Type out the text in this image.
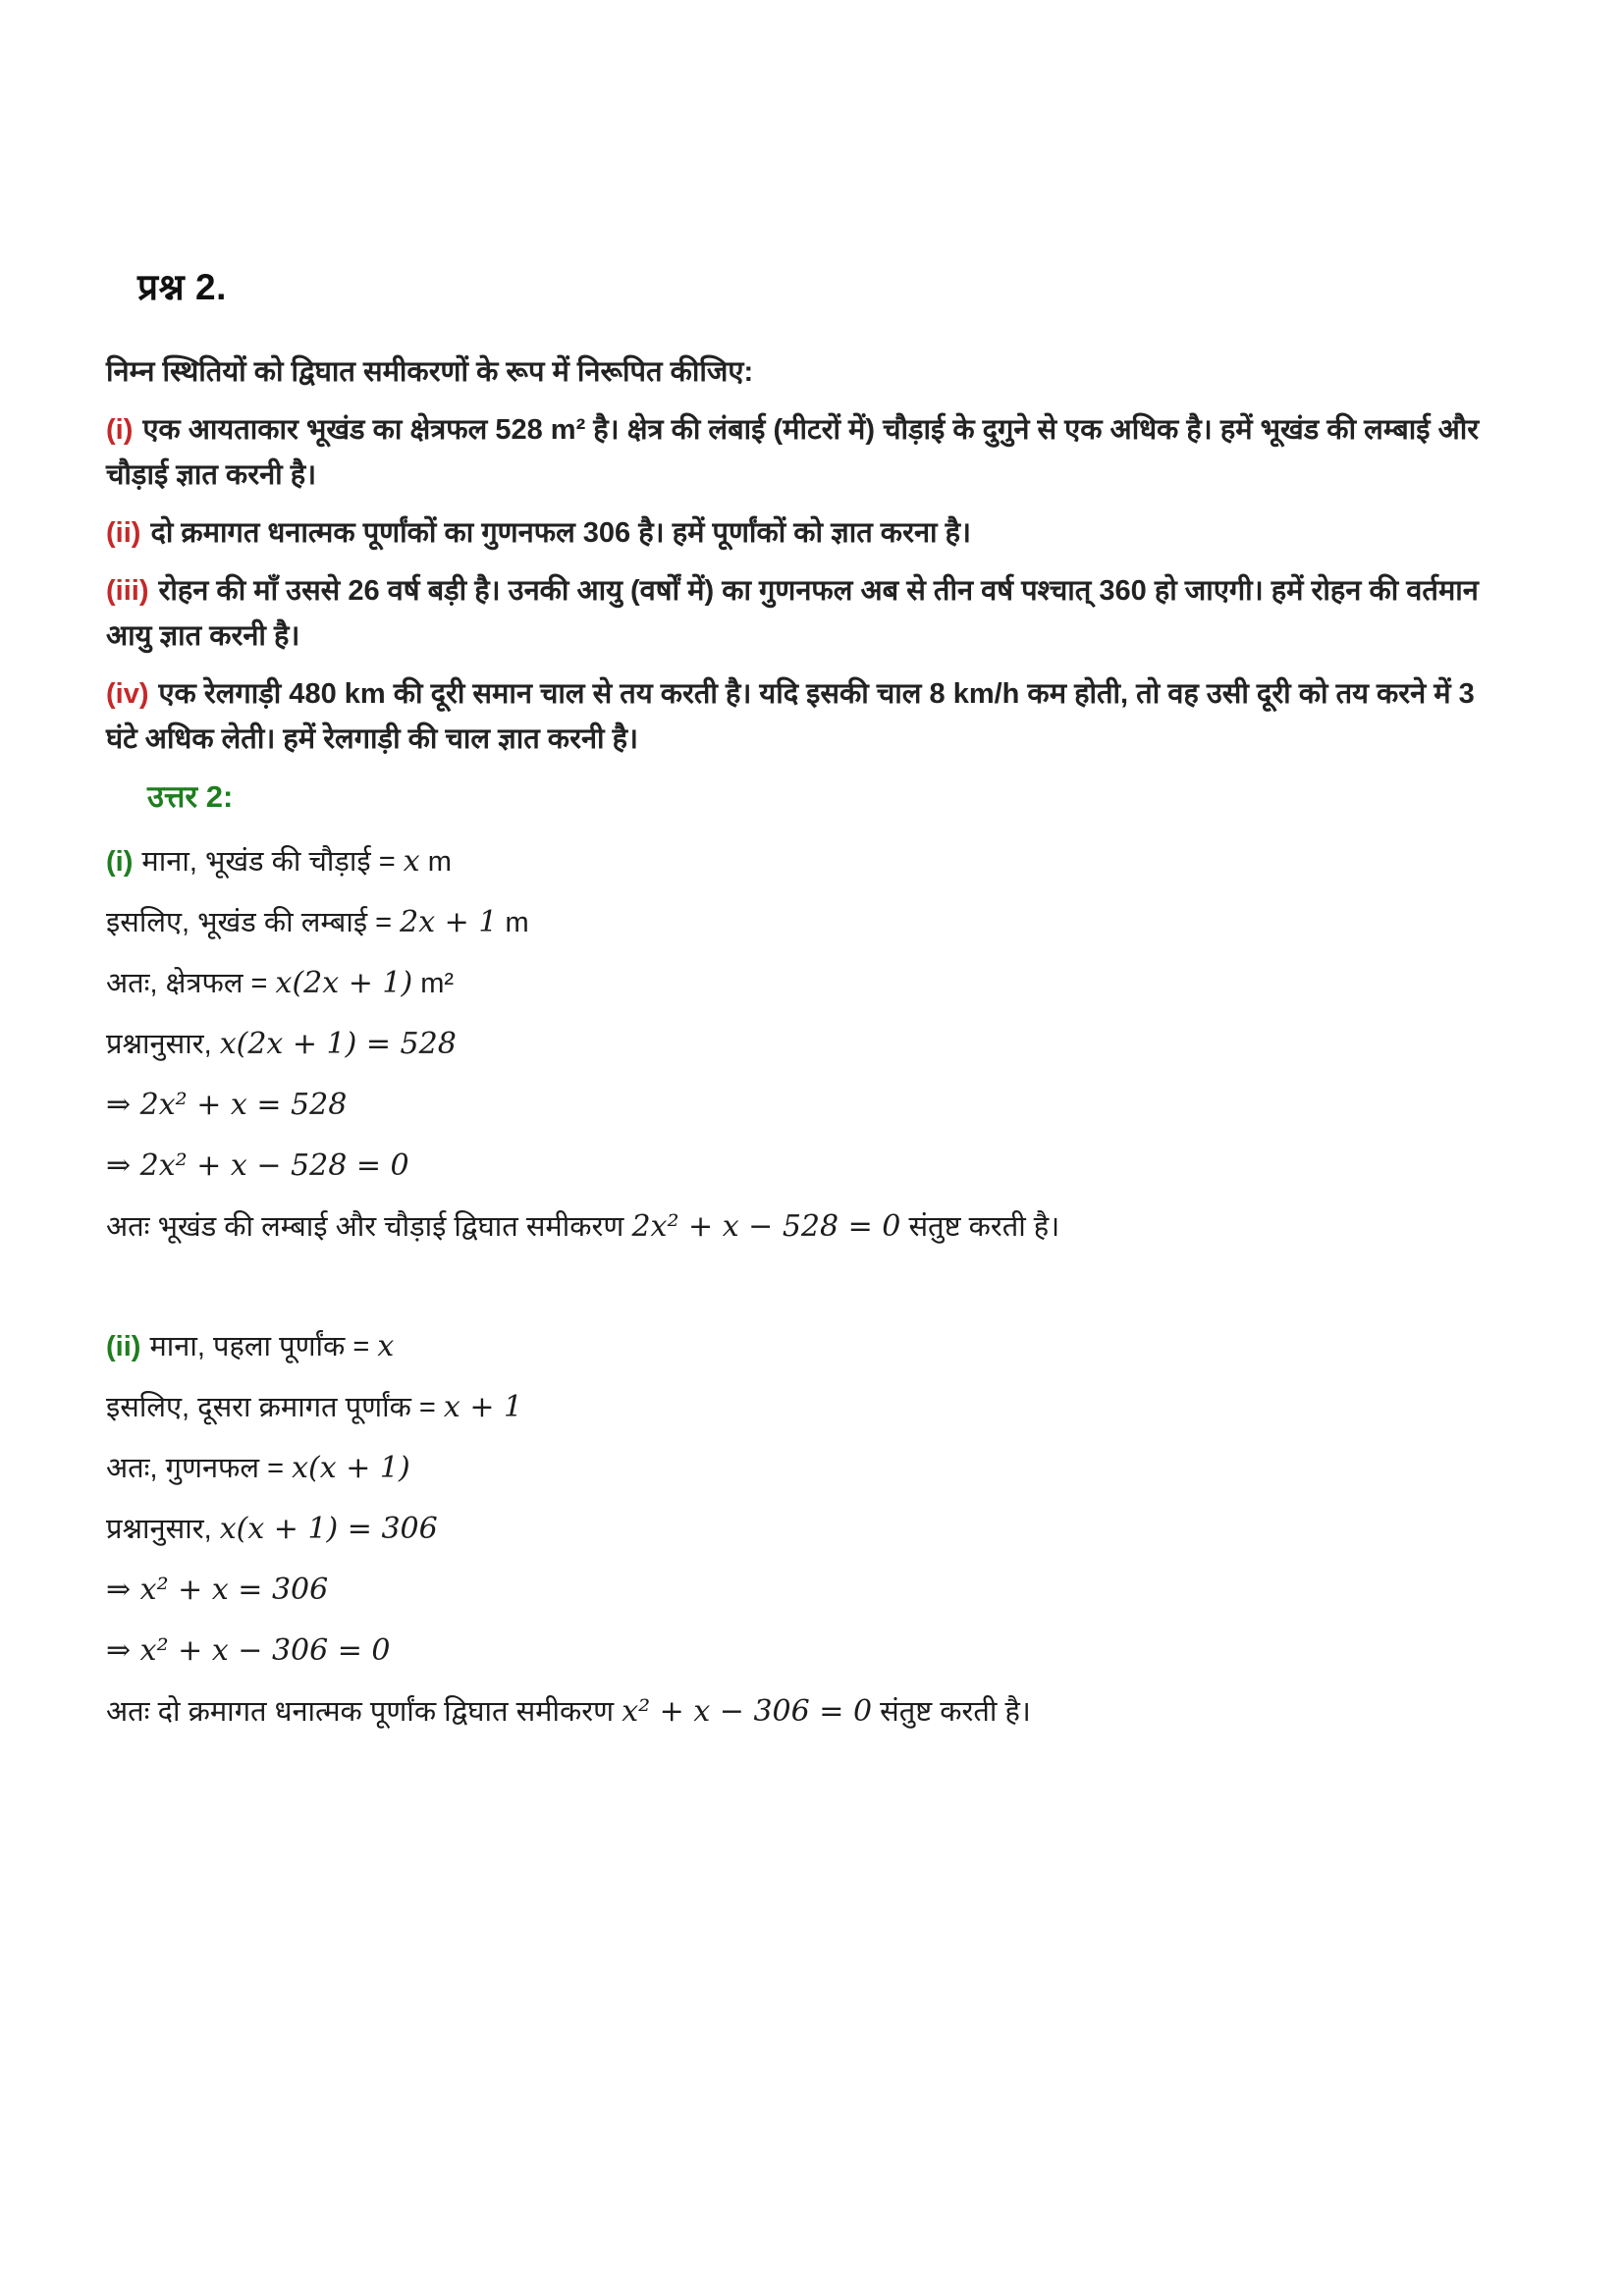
प्रश्न 2.
निम्न स्थितियों को द्विघात समीकरणों के रूप में निरूपित कीजिए:
(i) एक आयताकार भूखंड का क्षेत्रफल 528 m² है। क्षेत्र की लंबाई (मीटरों में) चौड़ाई के दुगुने से एक अधिक है। हमें भूखंड की लम्बाई और चौड़ाई ज्ञात करनी है।
(ii) दो क्रमागत धनात्मक पूर्णांकों का गुणनफल 306 है। हमें पूर्णांकों को ज्ञात करना है।
(iii) रोहन की माँ उससे 26 वर्ष बड़ी है। उनकी आयु (वर्षों में) का गुणनफल अब से तीन वर्ष पश्चात् 360 हो जाएगी। हमें रोहन की वर्तमान आयु ज्ञात करनी है।
(iv) एक रेलगाड़ी 480 km की दूरी समान चाल से तय करती है। यदि इसकी चाल 8 km/h कम होती, तो वह उसी दूरी को तय करने में 3 घंटे अधिक लेती। हमें रेलगाड़ी की चाल ज्ञात करनी है।
उत्तर 2:
(i) माना, भूखंड की चौड़ाई = x m
इसलिए, भूखंड की लम्बाई = 2x + 1 m
अतः, क्षेत्रफल = x(2x + 1) m²
प्रश्नानुसार, x(2x + 1) = 528
⇒ 2x² + x = 528
⇒ 2x² + x − 528 = 0
अतः भूखंड की लम्बाई और चौड़ाई द्विघात समीकरण 2x² + x − 528 = 0 संतुष्ट करती है।
(ii) माना, पहला पूर्णांक = x
इसलिए, दूसरा क्रमागत पूर्णांक = x + 1
अतः, गुणनफल = x(x + 1)
प्रश्नानुसार, x(x + 1) = 306
⇒ x² + x = 306
⇒ x² + x − 306 = 0
अतः दो क्रमागत धनात्मक पूर्णांक द्विघात समीकरण x² + x − 306 = 0 संतुष्ट करती है।
